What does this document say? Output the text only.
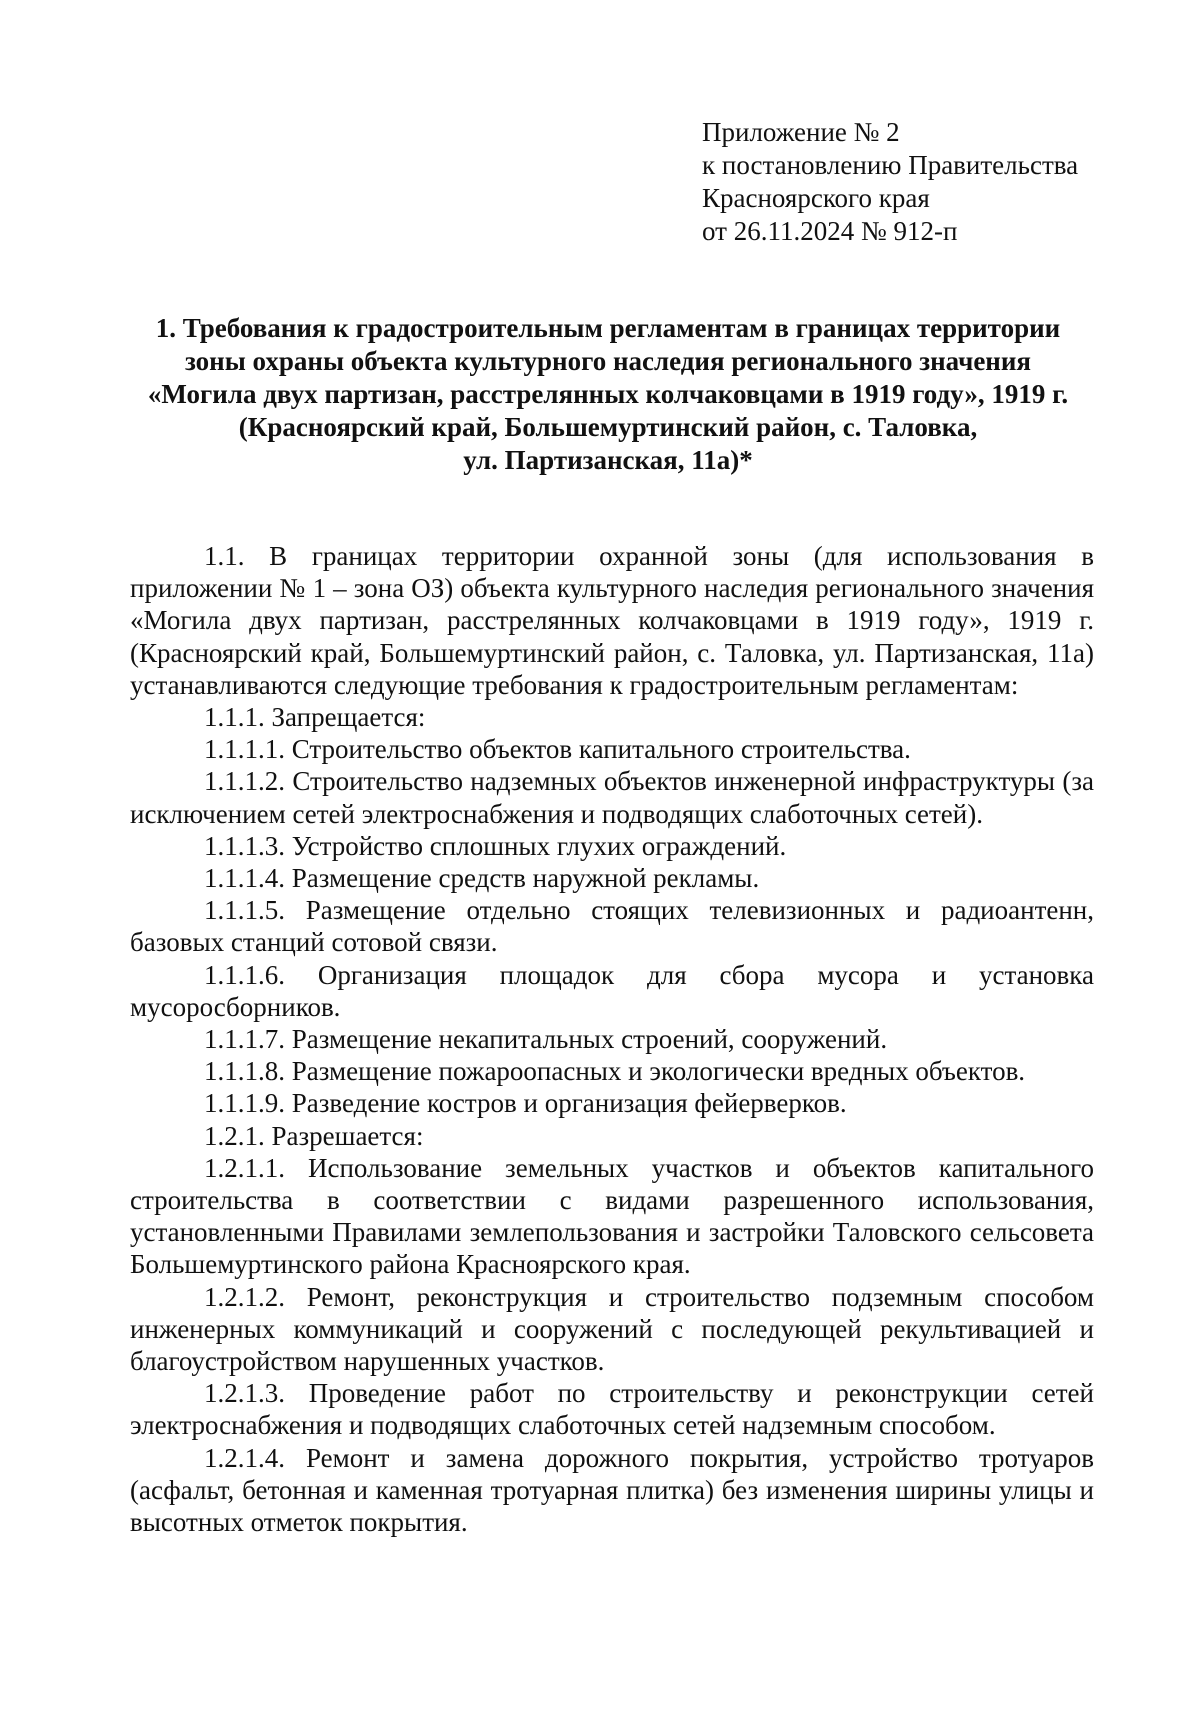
Приложение № 2
к постановлению Правительства
Красноярского края
от 26.11.2024 № 912-п
1. Требования к градостроительным регламентам в границах территории
зоны охраны объекта культурного наследия регионального значения
«Могила двух партизан, расстрелянных колчаковцами в 1919 году», 1919 г.
(Красноярский край, Большемуртинский район, с. Таловка,
ул. Партизанская, 11а)*

1.1. В границах территории охранной зоны (для использования в приложении № 1 – зона ОЗ) объекта культурного наследия регионального значения «Могила двух партизан, расстрелянных колчаковцами в 1919 году», 1919 г. (Красноярский край, Большемуртинский район, с. Таловка, ул. Партизанская, 11а) устанавливаются следующие требования к градостроительным регламентам:

1.1.1. Запрещается:

1.1.1.1. Строительство объектов капитального строительства.

1.1.1.2. Строительство надземных объектов инженерной инфраструктуры (за исключением сетей электроснабжения и подводящих слаботочных сетей).

1.1.1.3. Устройство сплошных глухих ограждений.

1.1.1.4. Размещение средств наружной рекламы.

1.1.1.5. Размещение отдельно стоящих телевизионных и радиоантенн, базовых станций сотовой связи.

1.1.1.6. Организация площадок для сбора мусора и установка мусоросборников.

1.1.1.7. Размещение некапитальных строений, сооружений.

1.1.1.8. Размещение пожароопасных и экологически вредных объектов.

1.1.1.9. Разведение костров и организация фейерверков.

1.2.1. Разрешается:

1.2.1.1. Использование земельных участков и объектов капитального строительства в соответствии с видами разрешенного использования, установленными Правилами землепользования и застройки Таловского сельсовета Большемуртинского района Красноярского края.

1.2.1.2. Ремонт, реконструкция и строительство подземным способом инженерных коммуникаций и сооружений с последующей рекультивацией и благоустройством нарушенных участков.

1.2.1.3. Проведение работ по строительству и реконструкции сетей электроснабжения и подводящих слаботочных сетей надземным способом.

1.2.1.4. Ремонт и замена дорожного покрытия, устройство тротуаров (асфальт, бетонная и каменная тротуарная плитка) без изменения ширины улицы и высотных отметок покрытия.
